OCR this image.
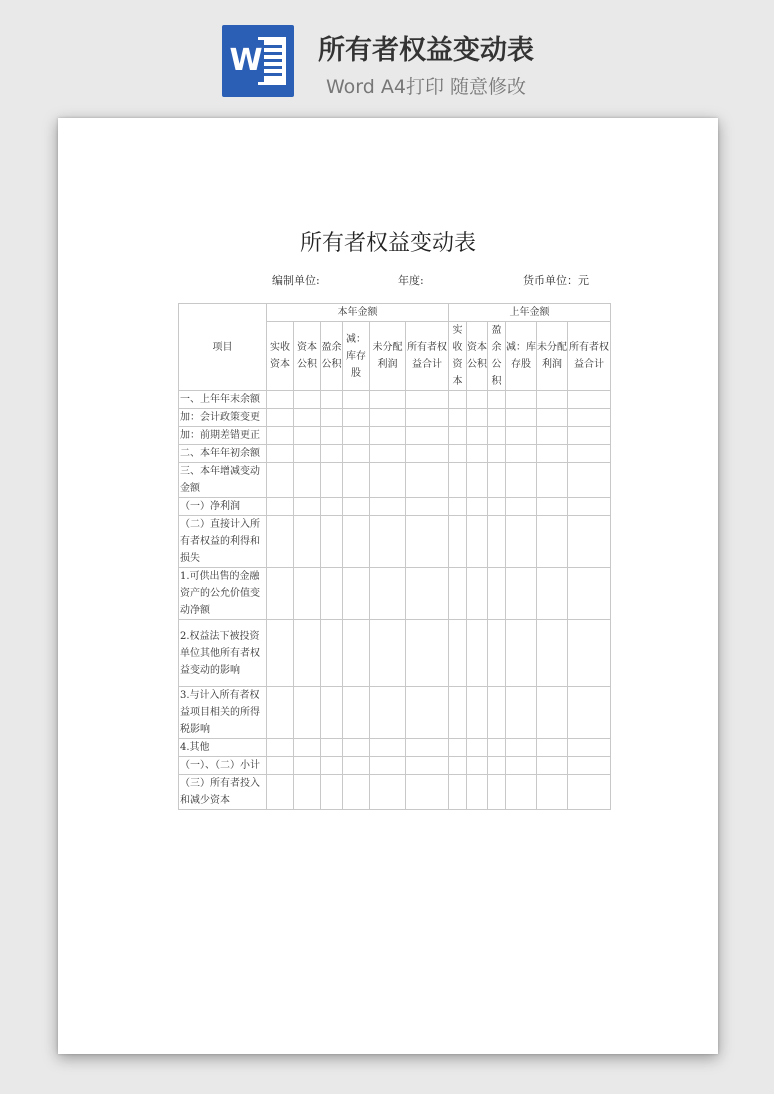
W 所有者权益变动表
Word A4打印 随意修改
所有者权益变动表
编制单位:	年度:	货币单位：元
项目	本年金额						上年金额					
	实收资本	资本公积	盈余公积	减：库存股	未分配利润	所有者权益合计	实收资本	资本公积	盈余公积	减：库存股	未分配利润	所有者权益合计
一、上年年末余额												
加：会计政策变更												
加：前期差错更正												
二、本年年初余额												
三、本年增减变动金额												
（一）净利润												
（二）直接计入所有者权益的利得和损失												
1.可供出售的金融资产的公允价值变动净额												
2.权益法下被投资单位其他所有者权益变动的影响												
3.与计入所有者权益项目相关的所得税影响												
4.其他												
（一）、（二）小计												
（三）所有者投入和减少资本												
